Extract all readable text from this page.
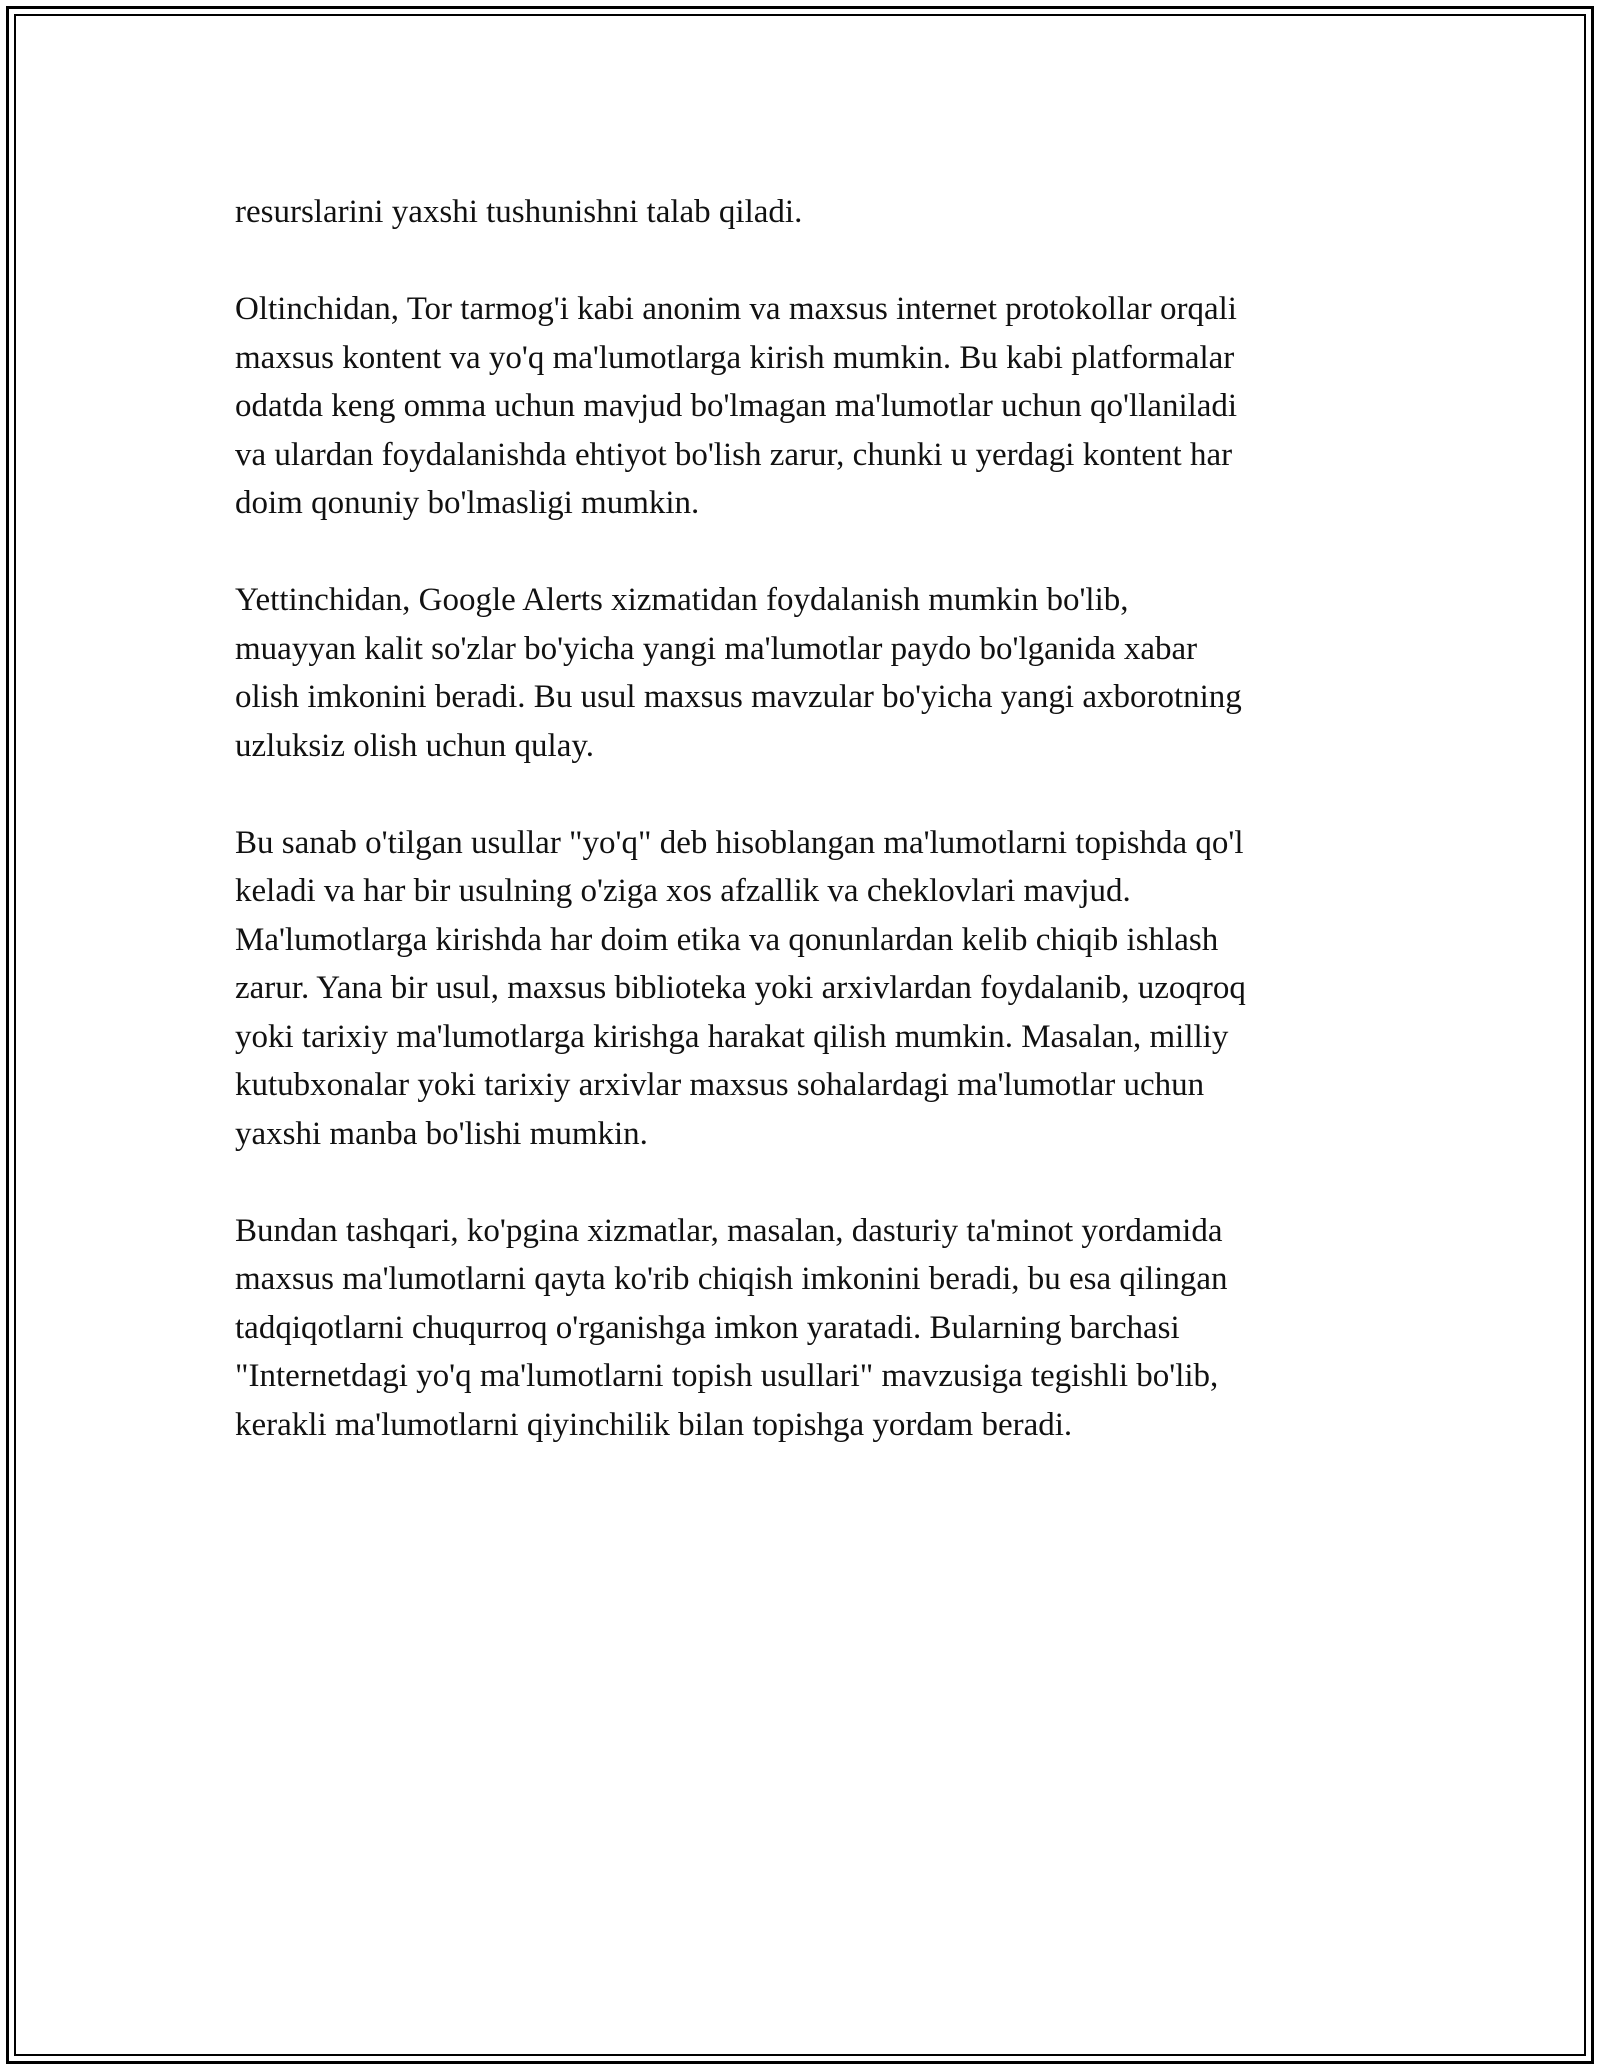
resurslarini yaxshi tushunishni talab qiladi.

Oltinchidan, Tor tarmog'i kabi anonim va maxsus internet protokollar orqali
maxsus kontent va yo'q ma'lumotlarga kirish mumkin. Bu kabi platformalar
odatda keng omma uchun mavjud bo'lmagan ma'lumotlar uchun qo'llaniladi
va ulardan foydalanishda ehtiyot bo'lish zarur, chunki u yerdagi kontent har
doim qonuniy bo'lmasligi mumkin.

Yettinchidan, Google Alerts xizmatidan foydalanish mumkin bo'lib,
muayyan kalit so'zlar bo'yicha yangi ma'lumotlar paydo bo'lganida xabar
olish imkonini beradi. Bu usul maxsus mavzular bo'yicha yangi axborotning
uzluksiz olish uchun qulay.

Bu sanab o'tilgan usullar "yo'q" deb hisoblangan ma'lumotlarni topishda qo'l
keladi va har bir usulning o'ziga xos afzallik va cheklovlari mavjud.
Ma'lumotlarga kirishda har doim etika va qonunlardan kelib chiqib ishlash
zarur. Yana bir usul, maxsus biblioteka yoki arxivlardan foydalanib, uzoqroq
yoki tarixiy ma'lumotlarga kirishga harakat qilish mumkin. Masalan, milliy
kutubxonalar yoki tarixiy arxivlar maxsus sohalardagi ma'lumotlar uchun
yaxshi manba bo'lishi mumkin.

Bundan tashqari, ko'pgina xizmatlar, masalan, dasturiy ta'minot yordamida
maxsus ma'lumotlarni qayta ko'rib chiqish imkonini beradi, bu esa qilingan
tadqiqotlarni chuqurroq o'rganishga imkon yaratadi. Bularning barchasi
"Internetdagi yo'q ma'lumotlarni topish usullari" mavzusiga tegishli bo'lib,
kerakli ma'lumotlarni qiyinchilik bilan topishga yordam beradi.
